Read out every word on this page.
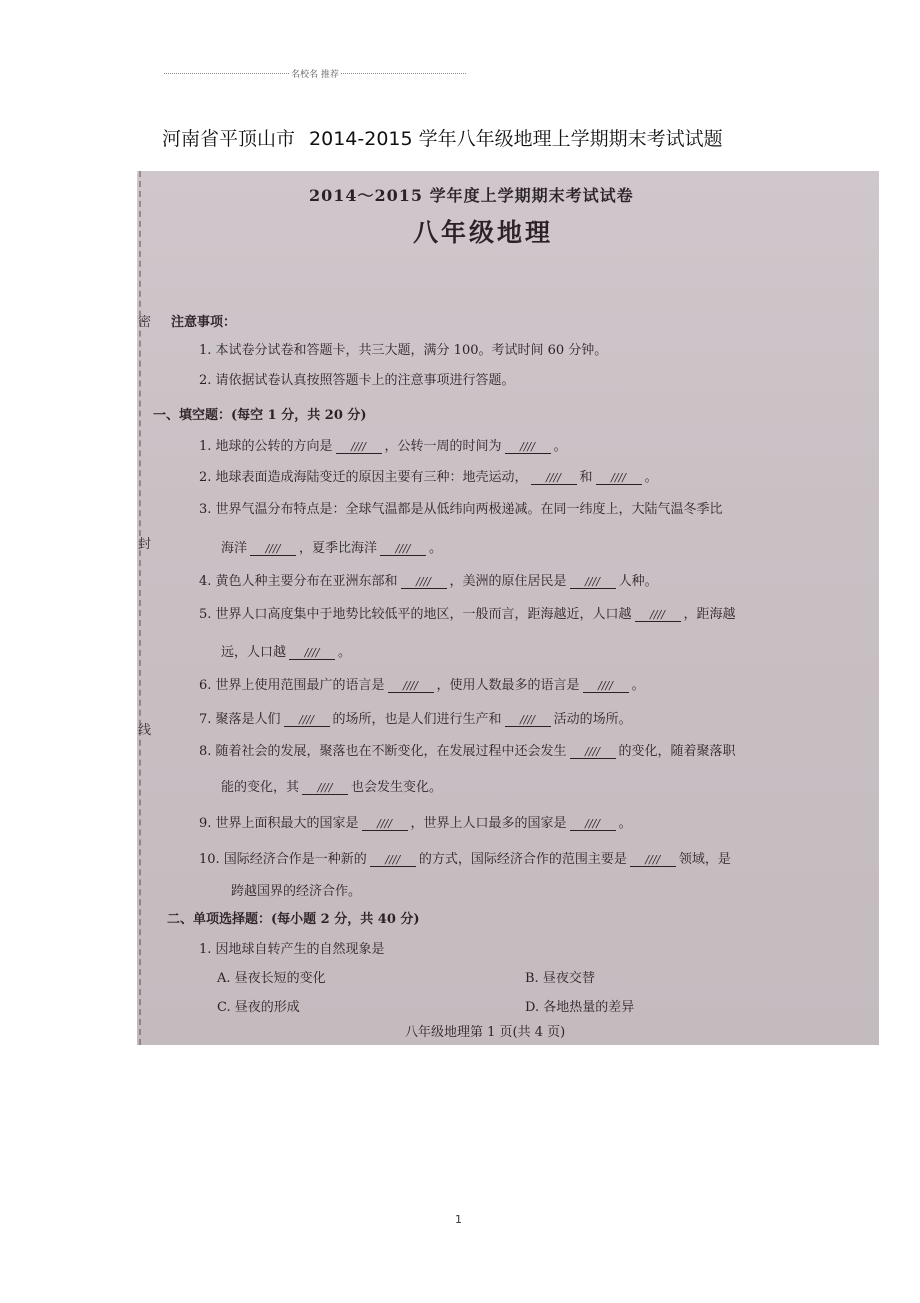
名校名 推荐
河南省平顶山市 2014-2015 学年八年级地理上学期期末考试试题
密
封
线
2014～2015 学年度上学期期末考试试卷
八年级地理
注意事项：
1. 本试卷分试卷和答题卡，共三大题，满分 100。考试时间 60 分钟。
2. 请依据试卷认真按照答题卡上的注意事项进行答题。
一、填空题：(每空 1 分，共 20 分)
1. 地球的公转的方向是 //// ，公转一周的时间为 //// 。
2. 地球表面造成海陆变迁的原因主要有三种：地壳运动， //// 和 //// 。
3. 世界气温分布特点是：全球气温都是从低纬向两极递减。在同一纬度上，大陆气温冬季比
海洋 //// ，夏季比海洋 //// 。
4. 黄色人种主要分布在亚洲东部和 //// ，美洲的原住居民是 //// 人种。
5. 世界人口高度集中于地势比较低平的地区，一般而言，距海越近，人口越 //// ，距海越
远，人口越 //// 。
6. 世界上使用范围最广的语言是 //// ，使用人数最多的语言是 //// 。
7. 聚落是人们 //// 的场所，也是人们进行生产和 //// 活动的场所。
8. 随着社会的发展，聚落也在不断变化，在发展过程中还会发生 //// 的变化，随着聚落职
能的变化，其 //// 也会发生变化。
9. 世界上面积最大的国家是 //// ，世界上人口最多的国家是 //// 。
10. 国际经济合作是一种新的 //// 的方式，国际经济合作的范围主要是 //// 领域，是
跨越国界的经济合作。
二、单项选择题：(每小题 2 分，共 40 分)
1. 因地球自转产生的自然现象是
A. 昼夜长短的变化	B. 昼夜交替
C. 昼夜的形成	D. 各地热量的差异
八年级地理第 1 页(共 4 页)
1
